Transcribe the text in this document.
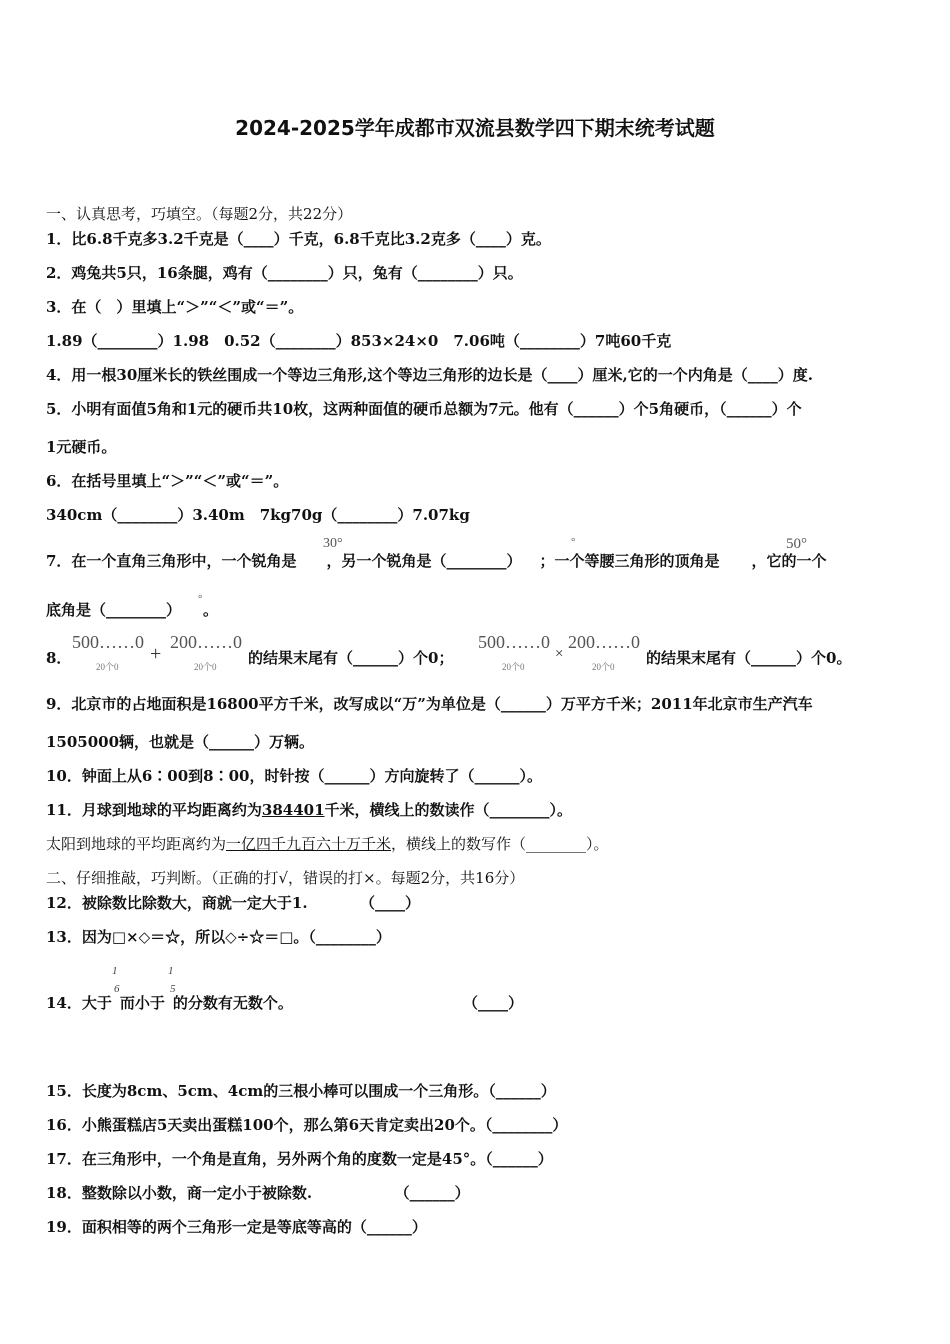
2024-2025学年成都市双流县数学四下期末统考试题
一、认真思考，巧填空。（每题2分，共22分）
1．比6.8千克多3.2千克是（____）千克，6.8千克比3.2克多（____）克。
2．鸡兔共5只，16条腿，鸡有（________）只，兔有（________）只。
3．在（　）里填上“＞”“＜”或“＝”。
1.89（________）1.98　0.52（________）853×24×0　7.06吨（________）7吨60千克
4．用一根30厘米长的铁丝围成一个等边三角形,这个等边三角形的边长是（____）厘米,它的一个内角是（____）度.
5．小明有面值5角和1元的硬币共10枚，这两种面值的硬币总额为7元。他有（______）个5角硬币，（______）个
1元硬币。
6．在括号里填上“＞”“＜”或“＝”。
340cm（________）3.40m　7kg70g（________）7.07kg
7．在一个直角三角形中，一个锐角是 ，另一个锐角是（________） ；一个等腰三角形的顶角是 ，它的一个
30°	°	50°
底角是（________） 。
°
8．
500……0
20个0
+
200……0
20个0 的结果末尾有（______）个0；
500……0
20个0
×
200……0
20个0 的结果末尾有（______）个0。
9．北京市的占地面积是16800平方千米，改写成以“万”为单位是（______）万平方千米；2011年北京市生产汽车
1505000辆，也就是（______）万辆。
10．钟面上从6∶00到8∶00，时针按（______）方向旋转了（______）。
11．月球到地球的平均距离约为384401千米，横线上的数读作（________）。
太阳到地球的平均距离约为一亿四千九百六十万千米，横线上的数写作（________）。
二、仔细推敲，巧判断。（正确的打√，错误的打×。每题2分，共16分）
12．被除数比除数大，商就一定大于1.　　　　（____）
13．因为□×◇＝☆，所以◇÷☆＝□。（________）
14．大于 而小于 的分数有无数个。
1
6
1
5
（____）
15．长度为8cm、5cm、4cm的三根小棒可以围成一个三角形。（______）
16．小熊蛋糕店5天卖出蛋糕100个，那么第6天肯定卖出20个。（________）
17．在三角形中，一个角是直角，另外两个角的度数一定是45°。（______）
18．整数除以小数，商一定小于被除数.　　　　　　（______）
19．面积相等的两个三角形一定是等底等高的（______）
